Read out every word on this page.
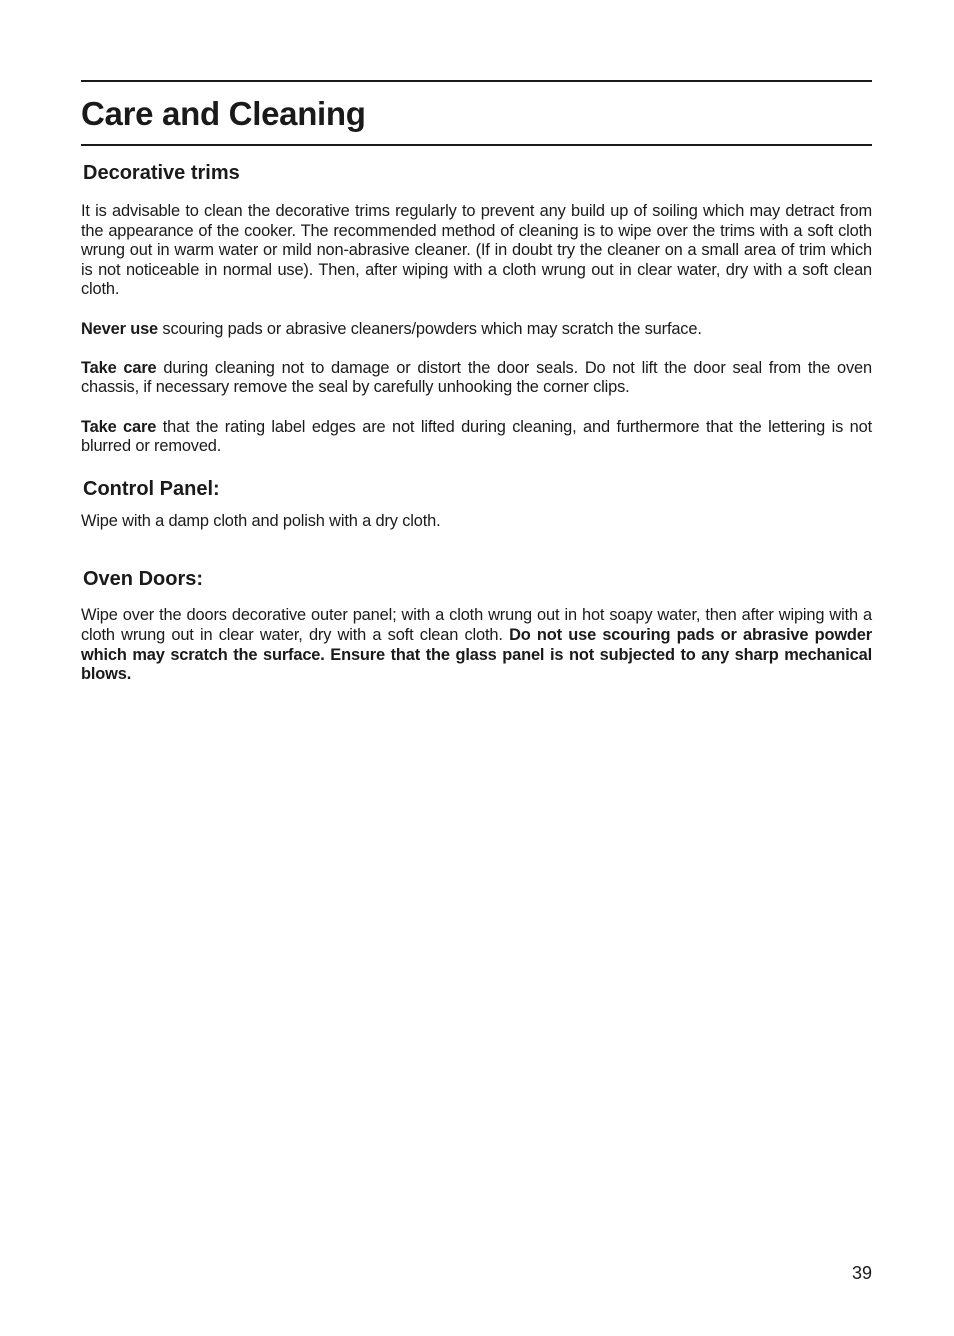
Care and Cleaning
Decorative trims

It is advisable to clean the decorative trims regularly to prevent any build up of soiling which may detract from the appearance of the cooker. The recommended method of cleaning is to wipe over the trims with a soft cloth wrung out in warm water or mild non-abrasive cleaner. (If in doubt try the cleaner on a small area of trim which is not noticeable in normal use). Then, after wiping with a cloth wrung out in clear water, dry with a soft clean cloth.

Never use scouring pads or abrasive cleaners/powders which may scratch the surface.

Take care during cleaning not to damage or distort the door seals. Do not lift the door seal from the oven chassis, if necessary remove the seal by carefully unhooking the corner clips.

Take care that the rating label edges are not lifted during cleaning, and furthermore that the lettering is not blurred or removed.

Control Panel:

Wipe with a damp cloth and polish with a dry cloth.

Oven Doors:

Wipe over the doors decorative outer panel; with a cloth wrung out in hot soapy water, then after wiping with a cloth wrung out in clear water, dry with a soft clean cloth. Do not use scouring pads or abrasive powder which may scratch the surface. Ensure that the glass panel is not subjected to any sharp mechanical blows.

39
